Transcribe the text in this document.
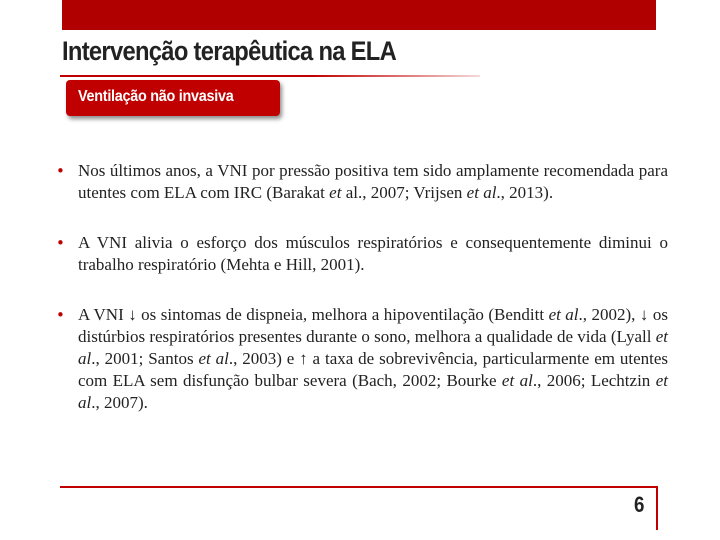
Intervenção terapêutica na ELA
Ventilação não invasiva
• Nos últimos anos, a VNI por pressão positiva tem sido amplamente recomendada para utentes com ELA com IRC (Barakat et al., 2007; Vrijsen et al., 2013).
• A VNI alivia o esforço dos músculos respiratórios e consequentemente diminui o trabalho respiratório (Mehta e Hill, 2001).
• A VNI ↓ os sintomas de dispneia, melhora a hipoventilação (Benditt et al., 2002), ↓ os distúrbios respiratórios presentes durante o sono, melhora a qualidade de vida (Lyall et al., 2001; Santos et al., 2003) e ↑ a taxa de sobrevivência, particularmente em utentes com ELA sem disfunção bulbar severa (Bach, 2002; Bourke et al., 2006; Lechtzin et al., 2007).
6
